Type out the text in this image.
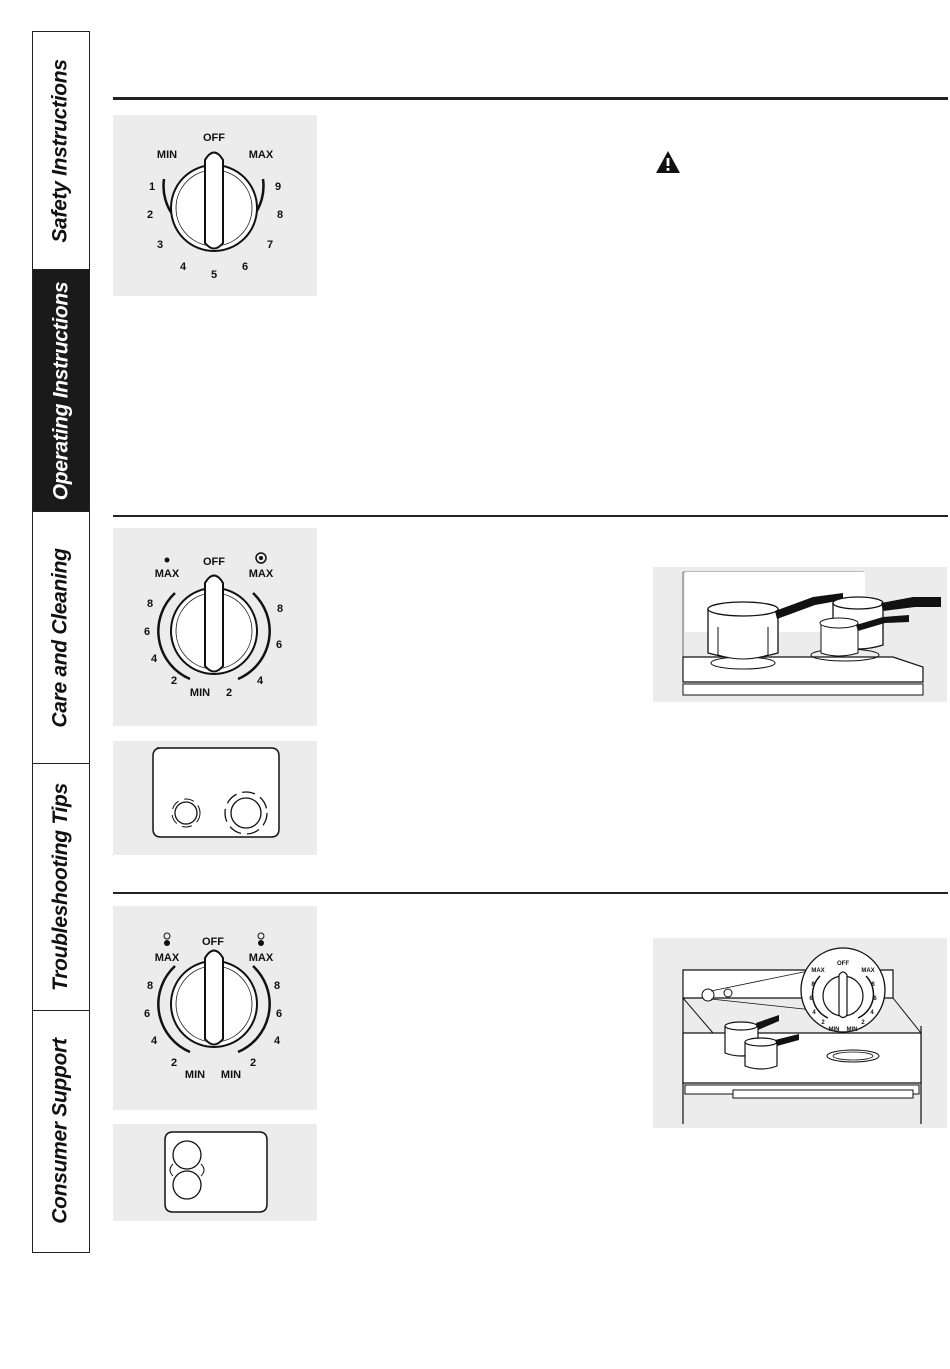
Safety Instructions
Operating Instructions
Care and Cleaning
Troubleshooting Tips
Consumer Support
OFF
MIN	MAX
1
2
3
4
5
6
7
8
9
OFF
MAX	MAX
8
6
4
2
MIN 2
4
6
8
OFF
MAX	MAX
8
6
4
2
MIN MIN
2
4
6
8
OFF
MAX	MAX
8
6
4
2
MIN MIN
2
4
6
8
